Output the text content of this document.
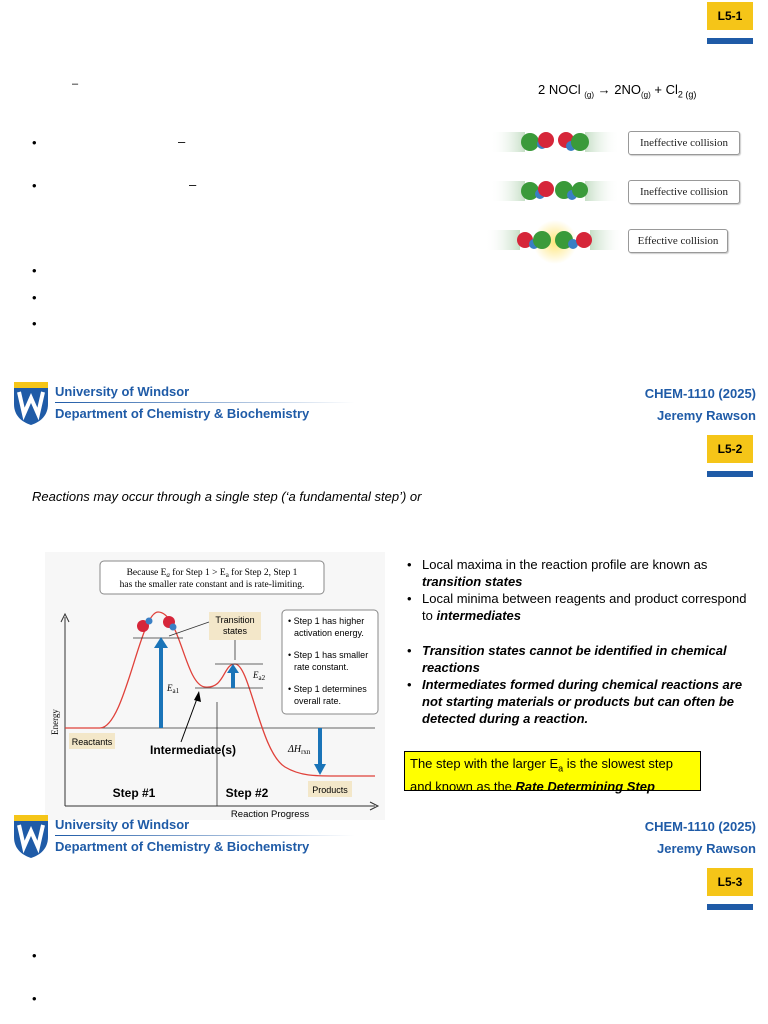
L5-1
–	2 NOCl $_{(g)} \to 2NO_{(g)} + Cl_{2 (g)}$
•	–
•	–
•
•
•
Ineffective collision
Ineffective collision
Effective collision
University of Windsor
Department of Chemistry & Biochemistry
CHEM-1110 (2025)
Jeremy Rawson
L5-2
Reactions may occur through a single step (‘a fundamental step’) or
Because $E_a$ for Step $1 > E_a$ for Step 2, Step 1
has the smaller rate constant and is rate-limiting.
Energy
$E_{a1}$
$E_{a2}$
$\Delta H_{rxn}$
Transition
states
• Step 1 has higher activation energy. • Step 1 has smaller rate constant. • Step 1 determines overall rate.
Reactants
Products
Intermediate(s)
Step #1	Step #2
Reaction Progress
• Local maxima in the reaction profile are known as transition states
• Local minima between reagents and product correspond to intermediates
• Transition states cannot be identified in chemical reactions
• Intermediates formed during chemical reactions are not starting materials or products but can often be detected during a reaction.
The step with the larger $E_a$ is the slowest step and known as the Rate Determining Step
University of Windsor
Department of Chemistry & Biochemistry
CHEM-1110 (2025)
Jeremy Rawson
L5-3
•
•
